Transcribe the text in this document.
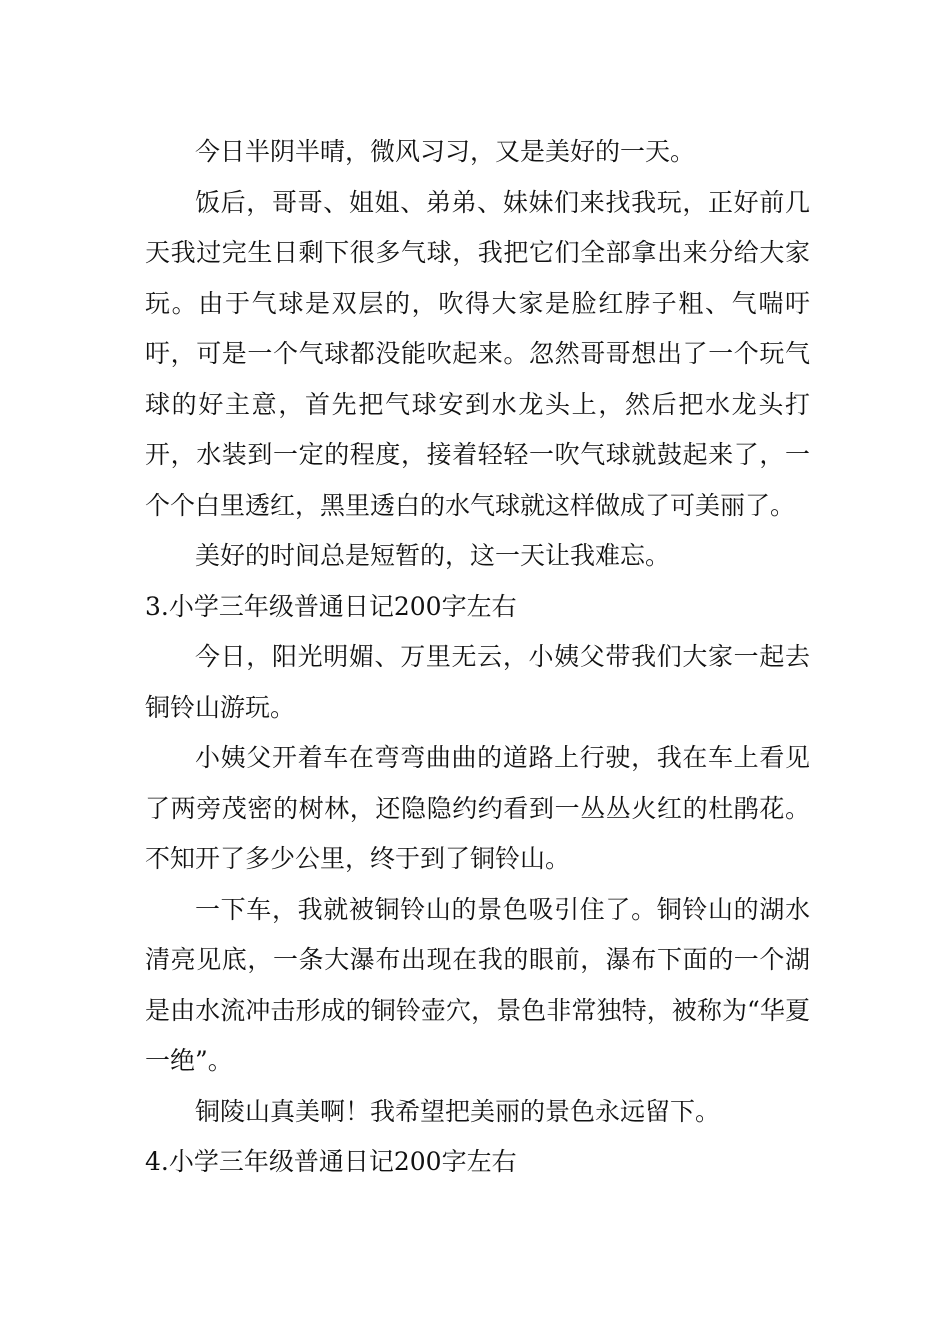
今日半阴半晴，微风习习，又是美好的一天。

饭后，哥哥、姐姐、弟弟、妹妹们来找我玩，正好前几天我过完生日剩下很多气球，我把它们全部拿出来分给大家玩。由于气球是双层的，吹得大家是脸红脖子粗、气喘吁吁，可是一个气球都没能吹起来。忽然哥哥想出了一个玩气球的好主意，首先把气球安到水龙头上，然后把水龙头打开，水装到一定的程度，接着轻轻一吹气球就鼓起来了，一个个白里透红，黑里透白的水气球就这样做成了可美丽了。

美好的时间总是短暂的，这一天让我难忘。

3.小学三年级普通日记200字左右

今日，阳光明媚、万里无云，小姨父带我们大家一起去铜铃山游玩。

小姨父开着车在弯弯曲曲的道路上行驶，我在车上看见了两旁茂密的树林，还隐隐约约看到一丛丛火红的杜鹃花。不知开了多少公里，终于到了铜铃山。

一下车，我就被铜铃山的景色吸引住了。铜铃山的湖水清亮见底，一条大瀑布出现在我的眼前，瀑布下面的一个湖是由水流冲击形成的铜铃壶穴，景色非常独特，被称为“华夏一绝”。

铜陵山真美啊！我希望把美丽的景色永远留下。

4.小学三年级普通日记200字左右
